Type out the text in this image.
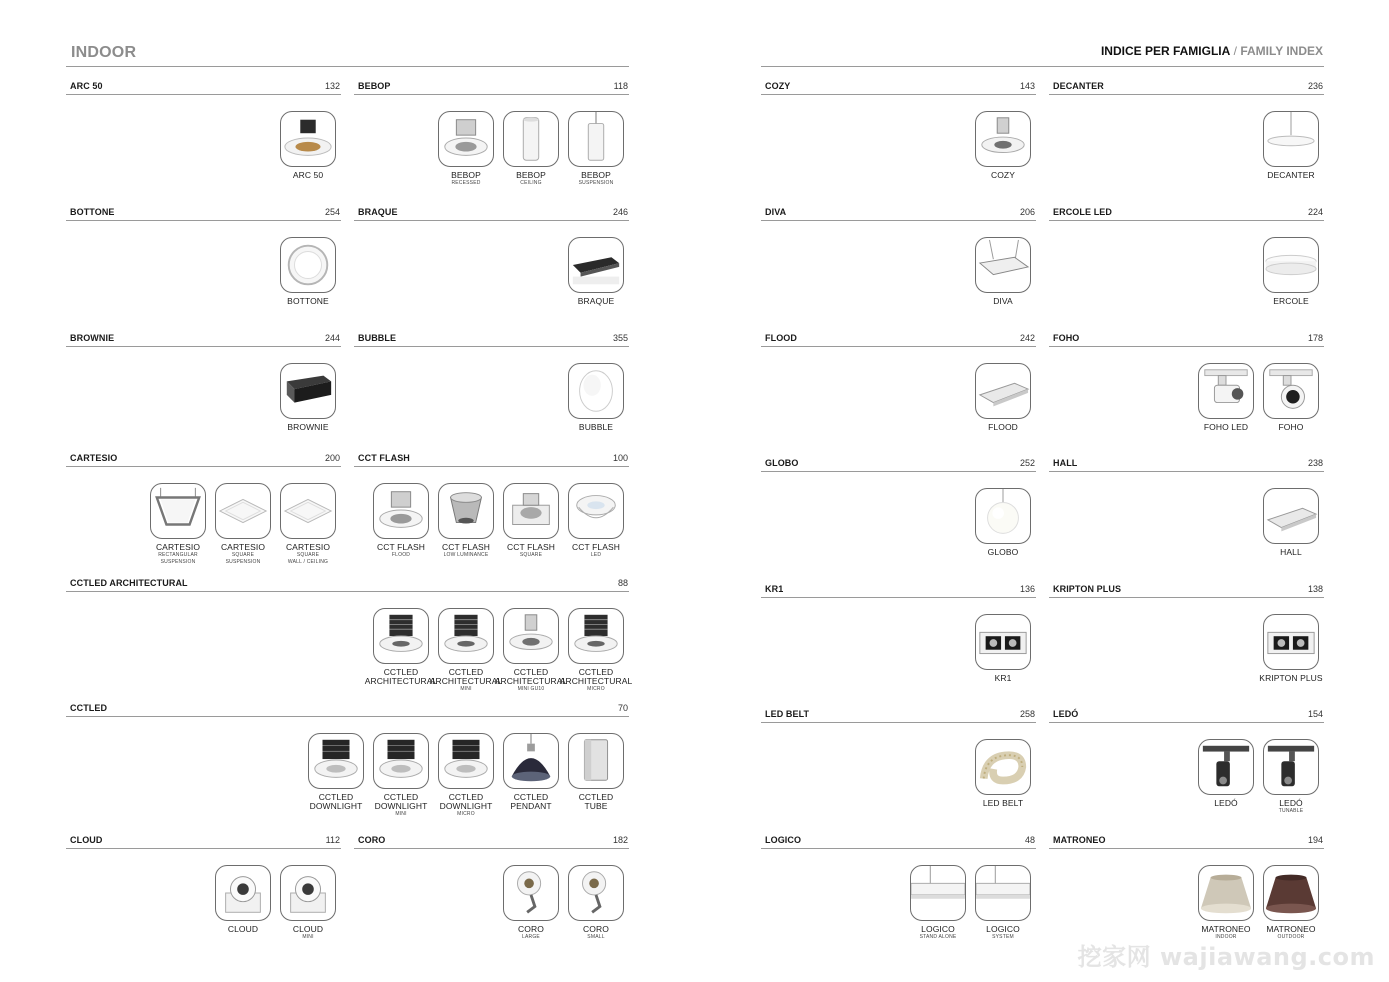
INDOOR	INDICE PER FAMIGLIA / FAMILY INDEX
ARC 50	132
ARC 50
BEBOP	118
BEBOP
RECESSED
BEBOP
CEILING
BEBOP
SUSPENSION
BOTTONE	254
BOTTONE
BRAQUE	246
BRAQUE
BROWNIE	244
BROWNIE
BUBBLE	355
BUBBLE
CARTESIO	200
CARTESIO
RECTANGULAR
SUSPENSION
CARTESIO
SQUARE
SUSPENSION
CARTESIO
SQUARE
WALL / CEILING
CCT FLASH	100
CCT FLASH
FLOOD
CCT FLASH
LOW LUMINANCE
CCT FLASH
SQUARE
CCT FLASH
LED
CCTLED ARCHITECTURAL	88
CCTLED
ARCHITECTURAL
CCTLED
ARCHITECTURAL
MINI
CCTLED
ARCHITECTURAL
MINI GU10
CCTLED
ARCHITECTURAL
MICRO
CCTLED	70
CCTLED
DOWNLIGHT
CCTLED
DOWNLIGHT
MINI
CCTLED
DOWNLIGHT
MICRO
CCTLED
PENDANT
CCTLED
TUBE
CLOUD	112
CLOUD	CLOUD
MINI
CORO	182
CORO
LARGE
CORO
SMALL
COZY	143
COZY
DECANTER	236
DECANTER
DIVA	206
DIVA
ERCOLE LED	224
ERCOLE
FLOOD	242
FLOOD
FOHO	178
FOHO LED	FOHO
GLOBO	252
GLOBO
HALL	238
HALL
KR1	136
KR1
KRIPTON PLUS	138
KRIPTON PLUS
LED BELT	258
LED BELT
LEDÓ	154
LEDÓ	LEDÓ
TUNABLE
LOGICO	48
LOGICO
STAND ALONE
LOGICO
SYSTEM
MATRONEO	194
MATRONEO
INDOOR
MATRONEO
OUTDOOR
挖家网 wajiawang.com
